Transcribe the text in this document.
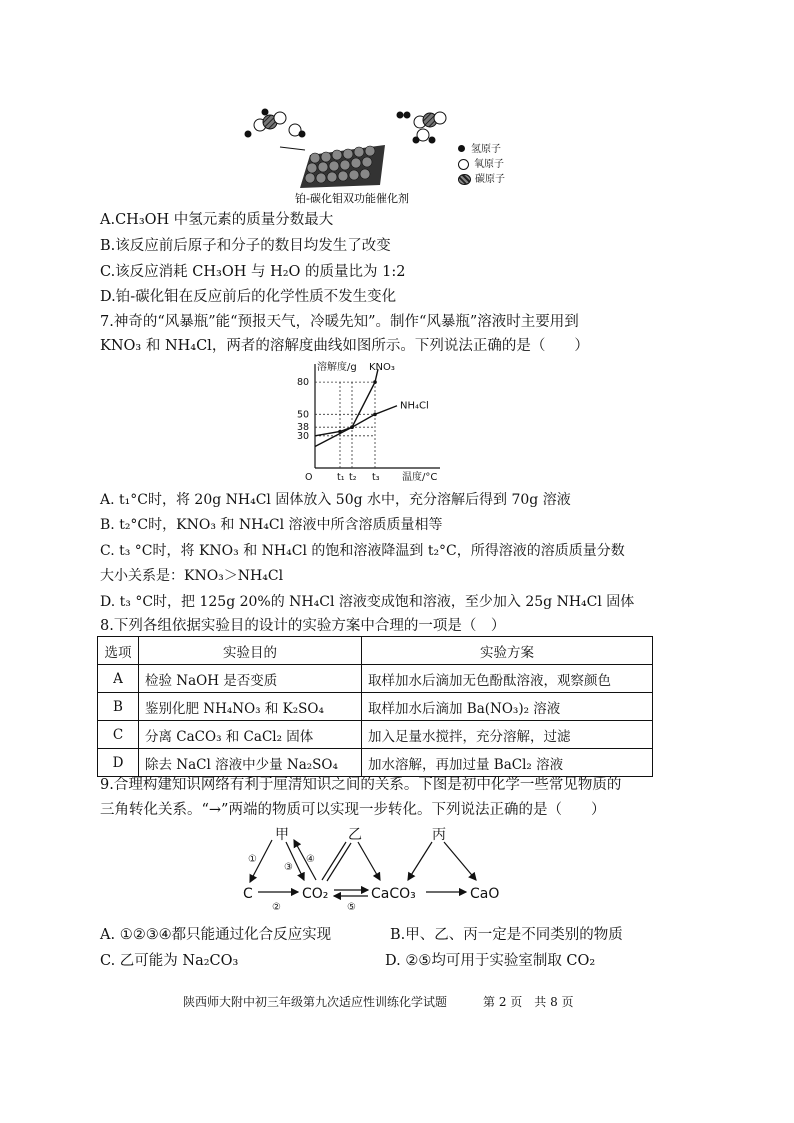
铂-碳化钼双功能催化剂
氢原子
氧原子
碳原子
A.CH₃OH 中氢元素的质量分数最大
B.该反应前后原子和分子的数目均发生了改变
C.该反应消耗 CH₃OH 与 H₂O 的质量比为 1:2
D.铂-碳化钼在反应前后的化学性质不发生变化
7.神奇的“风暴瓶”能“预报天气，冷暖先知”。制作“风暴瓶”溶液时主要用到
KNO₃ 和 NH₄Cl，两者的溶解度曲线如图所示。下列说法正确的是（　　）
溶解度/g
温度/°C
30
38
50
80
O	t₁ t₂ t₃
KNO₃
NH₄Cl
A. t₁°C时，将 20g NH₄Cl 固体放入 50g 水中，充分溶解后得到 70g 溶液
B. t₂°C时，KNO₃ 和 NH₄Cl 溶液中所含溶质质量相等
C. t₃ °C时，将 KNO₃ 和 NH₄Cl 的饱和溶液降温到 t₂°C，所得溶液的溶质质量分数
大小关系是：KNO₃＞NH₄Cl
D. t₃ °C时，把 125g 20%的 NH₄Cl 溶液变成饱和溶液，至少加入 25g NH₄Cl 固体
8.下列各组依据实验目的设计的实验方案中合理的一项是（　）
选项	实验目的	实验方案
A	检验 NaOH 是否变质	取样加水后滴加无色酚酞溶液，观察颜色
B	鉴别化肥 NH₄NO₃ 和 K₂SO₄	取样加水后滴加 Ba(NO₃)₂ 溶液
C	分离 CaCO₃ 和 CaCl₂ 固体	加入足量水搅拌，充分溶解，过滤
D	除去 NaCl 溶液中少量 Na₂SO₄	加水溶解，再加过量 BaCl₂ 溶液
9.合理构建知识网络有利于厘清知识之间的关系。下图是初中化学一些常见物质的
三角转化关系。“→”两端的物质可以实现一步转化。下列说法正确的是（　　）
甲	乙	丙
C	CO₂	CaCO₃	CaO
①
②
③
④
⑤
A. ①②③④都只能通过化合反应实现	B.甲、乙、丙一定是不同类别的物质
C. 乙可能为 Na₂CO₃	D. ②⑤均可用于实验室制取 CO₂
陕西师大附中初三年级第九次适应性训练化学试题	第 2 页　共 8 页
